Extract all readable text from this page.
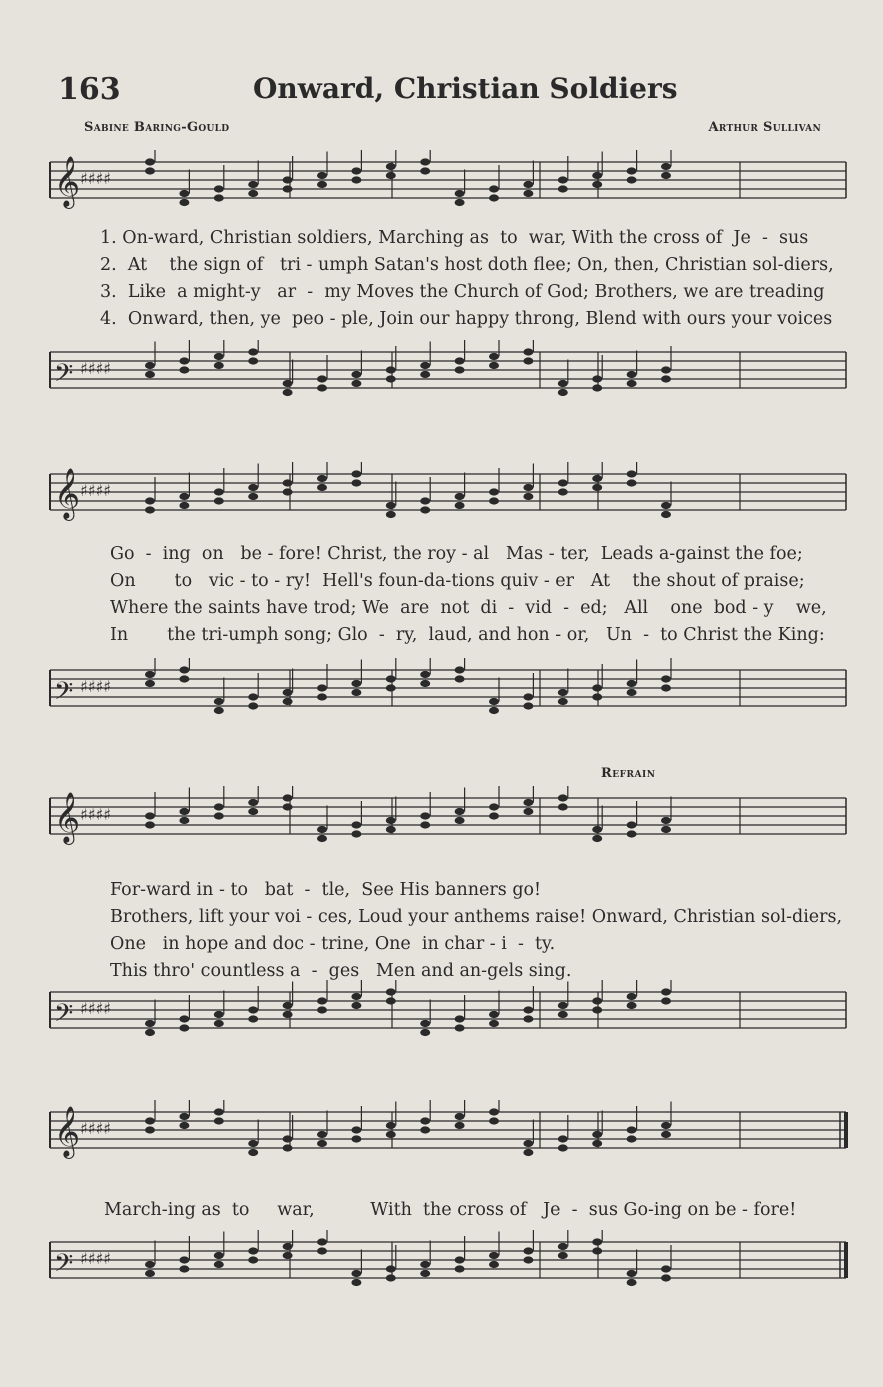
163	Onward, Christian Soldiers
Sabine Baring-Gould	Arthur Sullivan
Refrain
𝄞 ♯♯♯♯
1. On-ward, Christian soldiers, Marching as  to  war, With the cross of  Je  -  sus
2.  At    the sign of   tri - umph Satan's host doth flee; On, then, Christian sol-diers,
3.  Like  a might-y   ar  -  my Moves the Church of God; Brothers, we are treading
4.  Onward, then, ye  peo - ple, Join our happy throng, Blend with ours your voices
𝄢 ♯♯♯♯
𝄞 ♯♯♯♯
Go  -  ing  on   be - fore! Christ, the roy - al   Mas - ter,  Leads a-gainst the foe;
On       to   vic - to - ry!  Hell's foun-da-tions quiv - er   At    the shout of praise;
Where the saints have trod; We  are  not  di  -  vid  -  ed;   All    one  bod - y    we,
In       the tri-umph song; Glo  -  ry,  laud, and hon - or,   Un  -  to Christ the King:
𝄢 ♯♯♯♯
𝄞 ♯♯♯♯
For-ward in - to   bat  -  tle,  See His banners go!
Brothers, lift your voi - ces, Loud your anthems raise! Onward, Christian sol-diers,
One   in hope and doc - trine, One  in char - i  -  ty.
This thro' countless a  -  ges   Men and an-gels sing.
𝄢 ♯♯♯♯
𝄞 ♯♯♯♯
March-ing as  to     war,          With  the cross of   Je  -  sus Go-ing on be - fore!
𝄢 ♯♯♯♯
